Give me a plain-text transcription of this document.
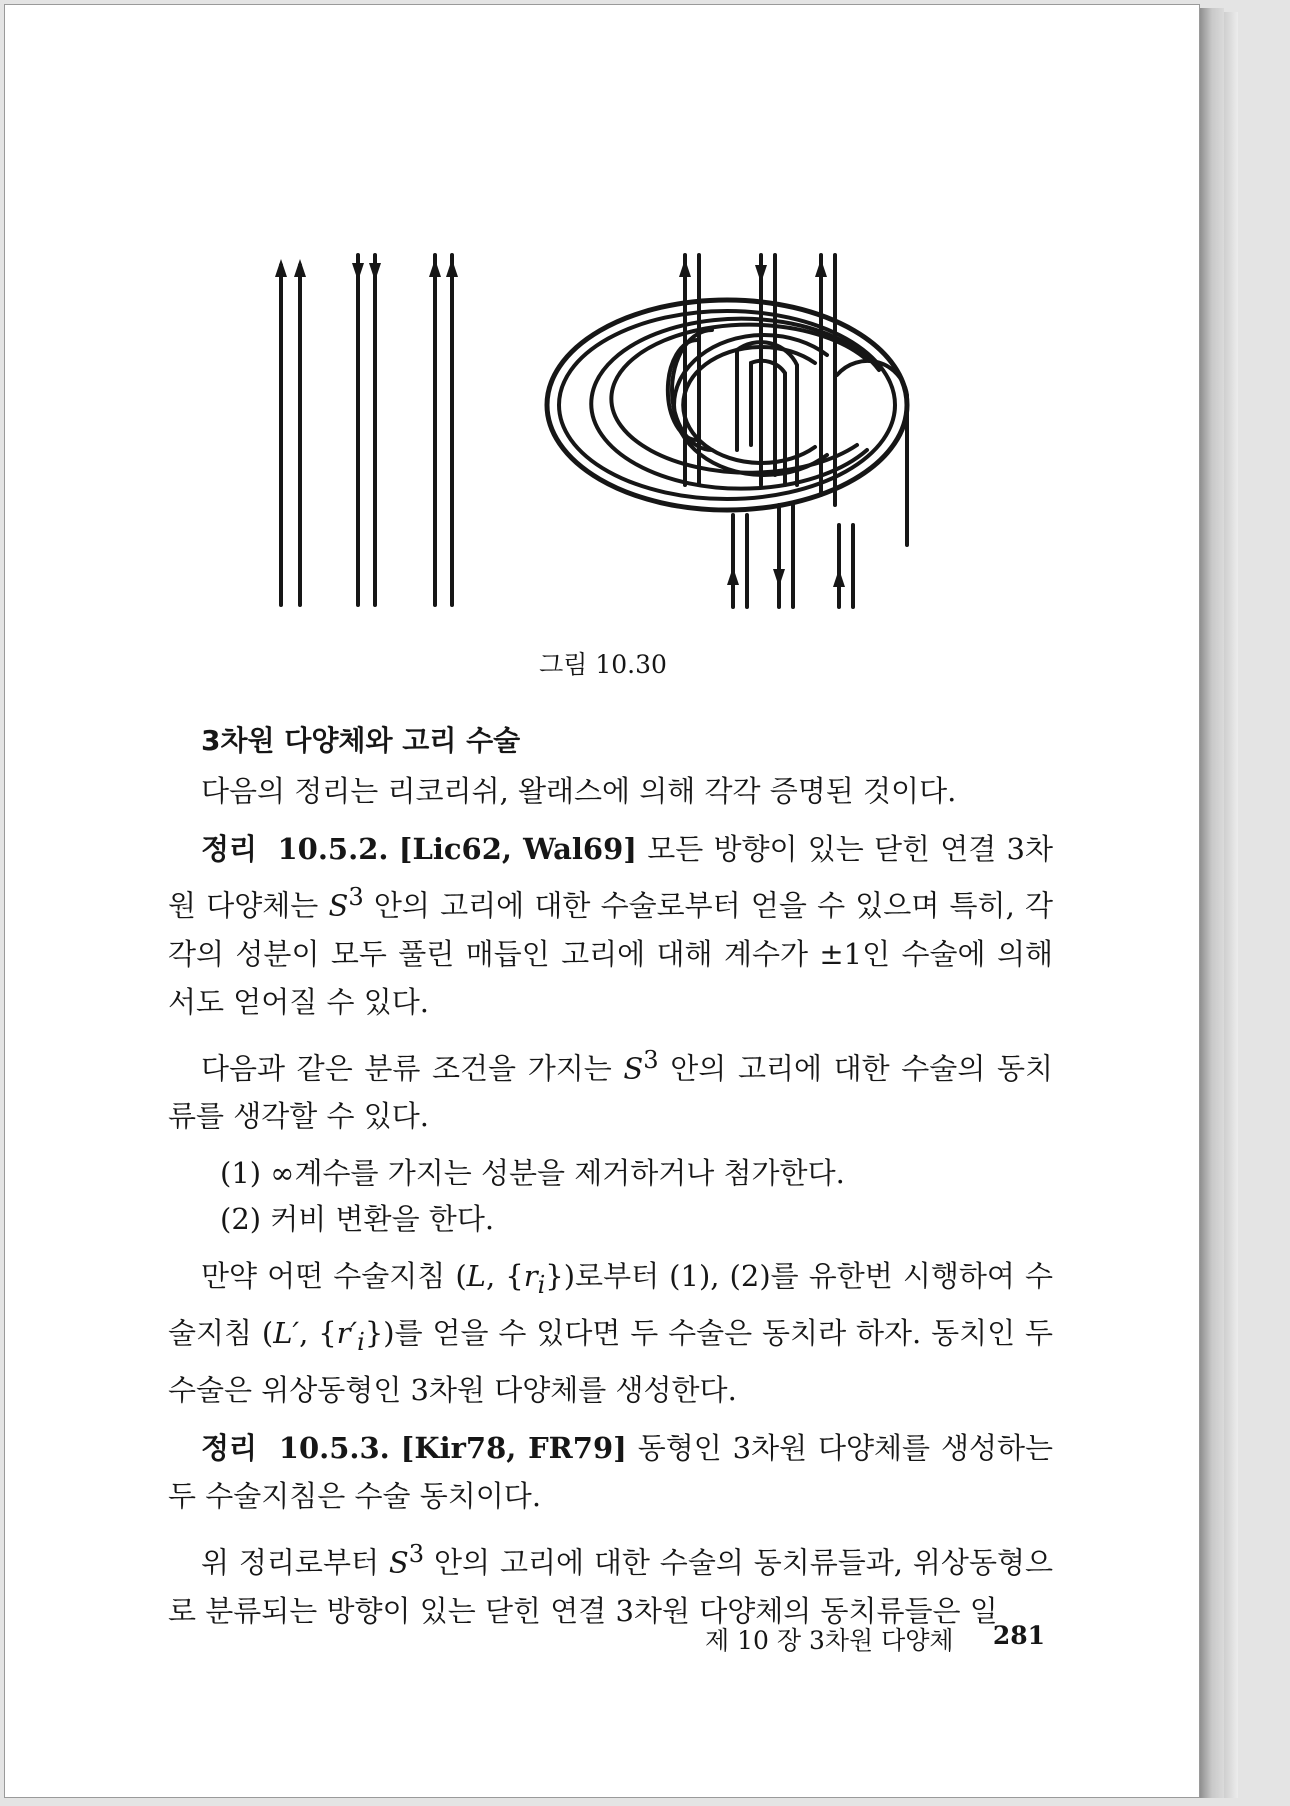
그림 10.30
3차원 다양체와 고리 수술

다음의 정리는 리코리쉬, 왈래스에 의해 각각 증명된 것이다.

정리 10.5.2. [Lic62, Wal69] 모든 방향이 있는 닫힌 연결 3차원 다양체는 $S^3$ 안의 고리에 대한 수술로부터 얻을 수 있으며 특히, 각각의 성분이 모두 풀린 매듭인 고리에 대해 계수가 ±1인 수술에 의해서도 얻어질 수 있다.

다음과 같은 분류 조건을 가지는 $S^3$ 안의 고리에 대한 수술의 동치류를 생각할 수 있다.

(1) ∞계수를 가지는 성분을 제거하거나 첨가한다.
(2) 커비 변환을 한다.

만약 어떤 수술지침 (L, $\{r_i\}$)로부터 (1), (2)를 유한번 시행하여 수술지침 (L′, $\{r'_i\}$)를 얻을 수 있다면 두 수술은 동치라 하자. 동치인 두 수술은 위상동형인 3차원 다양체를 생성한다.

정리 10.5.3. [Kir78, FR79] 동형인 3차원 다양체를 생성하는 두 수술지침은 수술 동치이다.

위 정리로부터 $S^3$ 안의 고리에 대한 수술의 동치류들과, 위상동형으로 분류되는 방향이 있는 닫힌 연결 3차원 다양체의 동치류들은 일

제 10 장 3차원 다양체 281
